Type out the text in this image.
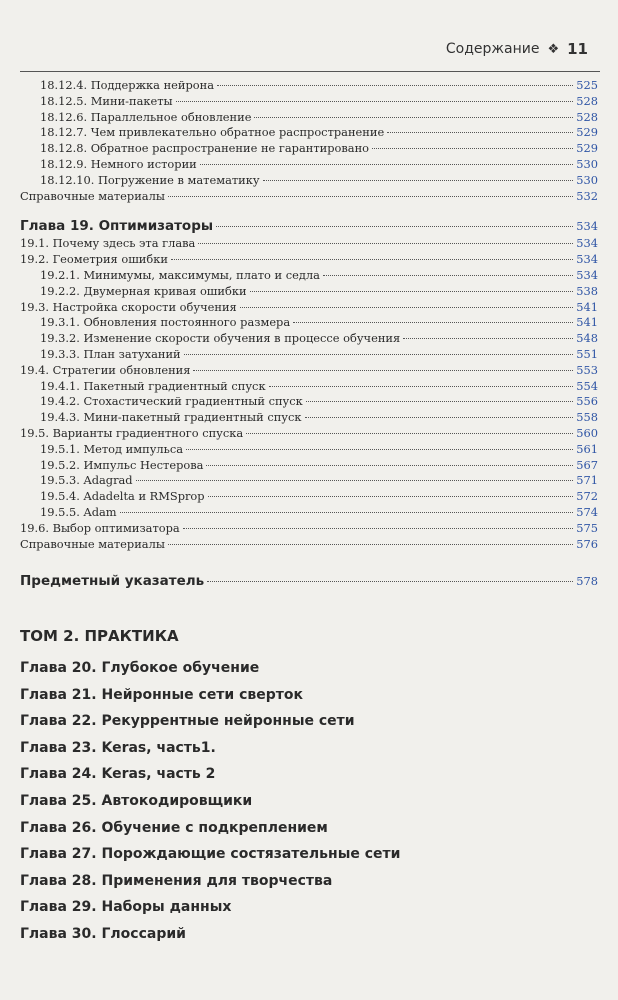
Содержание ❖ 11
18.12.4. Поддержка нейрона	525
18.12.5. Мини-пакеты	528
18.12.6. Параллельное обновление	528
18.12.7. Чем привлекательно обратное распространение	529
18.12.8. Обратное распространение не гарантировано	529
18.12.9. Немного истории	530
18.12.10. Погружение в математику	530
Справочные материалы	532
Глава 19. Оптимизаторы	534
19.1. Почему здесь эта глава	534
19.2. Геометрия ошибки	534
19.2.1. Минимумы, максимумы, плато и седла	534
19.2.2. Двумерная кривая ошибки	538
19.3. Настройка скорости обучения	541
19.3.1. Обновления постоянного размера	541
19.3.2. Изменение скорости обучения в процессе обучения	548
19.3.3. План затуханий	551
19.4. Стратегии обновления	553
19.4.1. Пакетный градиентный спуск	554
19.4.2. Стохастический градиентный спуск	556
19.4.3. Мини-пакетный градиентный спуск	558
19.5. Варианты градиентного спуска	560
19.5.1. Метод импульса	561
19.5.2. Импульс Нестерова	567
19.5.3. Adagrad	571
19.5.4. Adadelta и RMSprop	572
19.5.5. Adam	574
19.6. Выбор оптимизатора	575
Справочные материалы	576
Предметный указатель	578
ТОМ 2. ПРАКТИКА
Глава 20. Глубокое обучение
Глава 21. Нейронные сети сверток
Глава 22. Рекуррентные нейронные сети
Глава 23. Keras, часть1.
Глава 24. Keras, часть 2
Глава 25. Автокодировщики
Глава 26. Обучение с подкреплением
Глава 27. Порождающие состязательные сети
Глава 28. Применения для творчества
Глава 29. Наборы данных
Глава 30. Глоссарий
